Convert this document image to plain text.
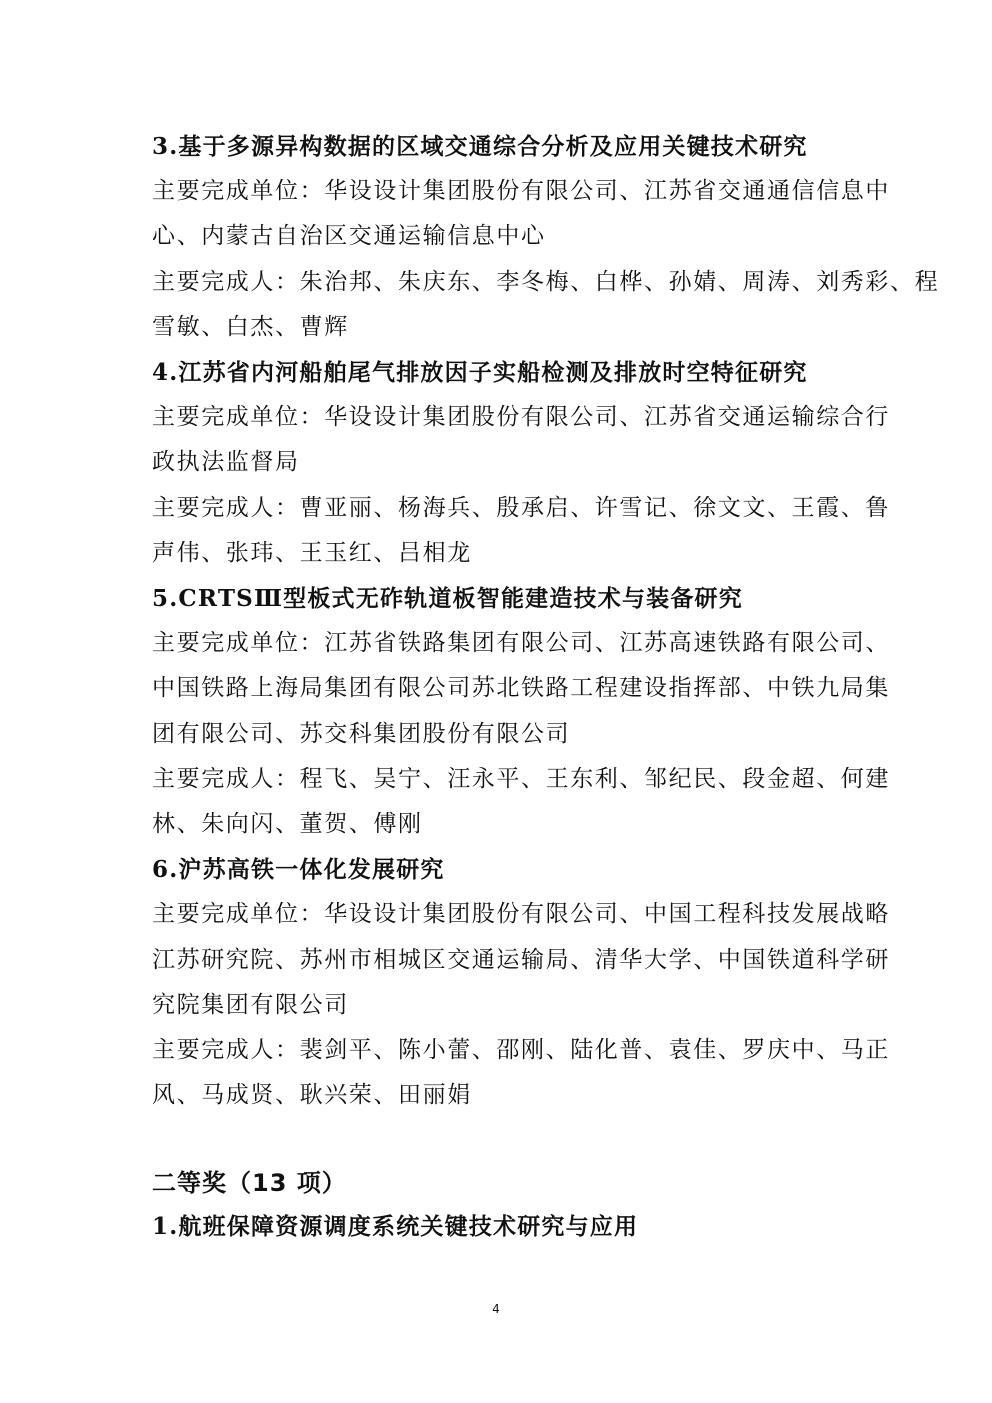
3.基于多源异构数据的区域交通综合分析及应用关键技术研究
主要完成单位：华设设计集团股份有限公司、江苏省交通通信信息中
心、内蒙古自治区交通运输信息中心
主要完成人：朱治邦、朱庆东、李冬梅、白桦、孙婧、周涛、刘秀彩、程
雪敏、白杰、曹辉
4.江苏省内河船舶尾气排放因子实船检测及排放时空特征研究
主要完成单位：华设设计集团股份有限公司、江苏省交通运输综合行
政执法监督局
主要完成人：曹亚丽、杨海兵、殷承启、许雪记、徐文文、王霞、鲁
声伟、张玮、王玉红、吕相龙
5.CRTSⅢ型板式无砟轨道板智能建造技术与装备研究
主要完成单位：江苏省铁路集团有限公司、江苏高速铁路有限公司、
中国铁路上海局集团有限公司苏北铁路工程建设指挥部、中铁九局集
团有限公司、苏交科集团股份有限公司
主要完成人：程飞、吴宁、汪永平、王东利、邹纪民、段金超、何建
林、朱向闪、董贺、傅刚
6.沪苏高铁一体化发展研究
主要完成单位：华设设计集团股份有限公司、中国工程科技发展战略
江苏研究院、苏州市相城区交通运输局、清华大学、中国铁道科学研
究院集团有限公司
主要完成人：裴剑平、陈小蕾、邵刚、陆化普、袁佳、罗庆中、马正
风、马成贤、耿兴荣、田丽娟
二等奖（13 项）
1.航班保障资源调度系统关键技术研究与应用
4
